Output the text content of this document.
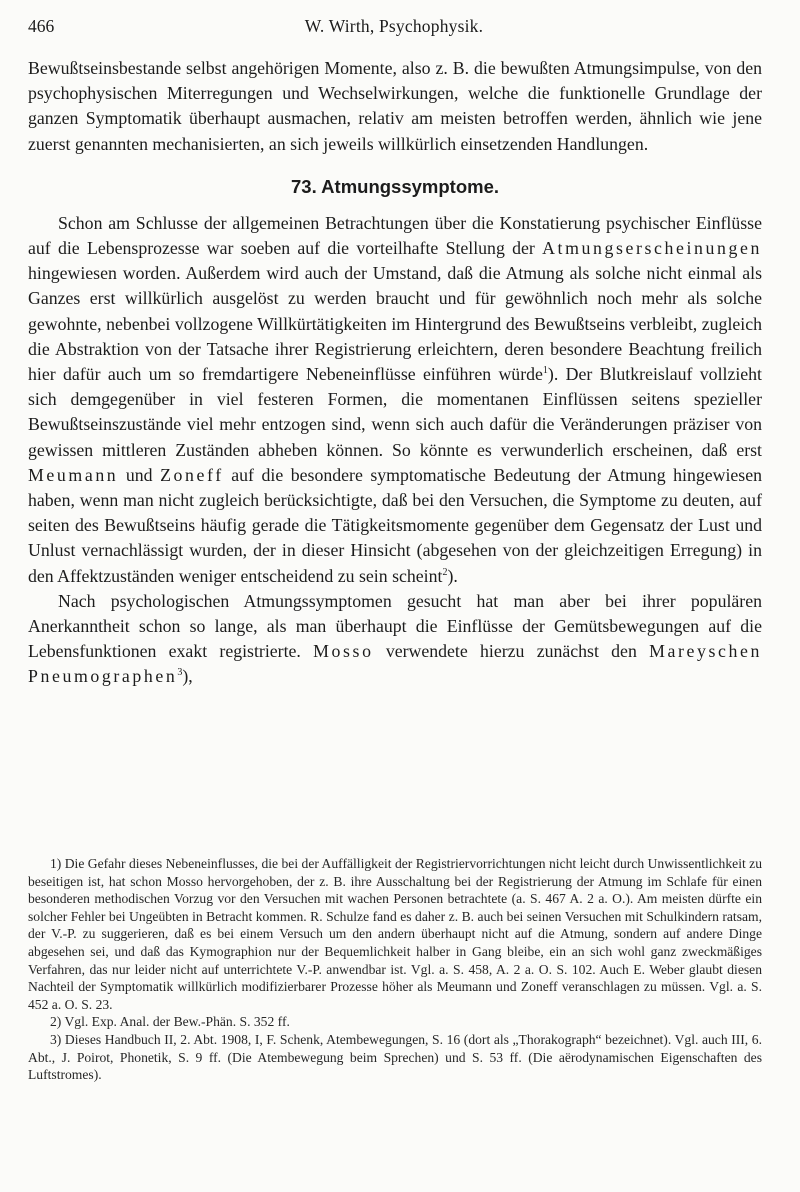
466	W. Wirth, Psychophysik.

Bewußtseinsbestande selbst angehörigen Momente, also z. B. die bewußten Atmungsimpulse, von den psychophysischen Miterregungen und Wechselwirkungen, welche die funktionelle Grundlage der ganzen Symptomatik überhaupt ausmachen, relativ am meisten betroffen werden, ähnlich wie jene zuerst genannten mechanisierten, an sich jeweils willkürlich einsetzenden Handlungen.

73. Atmungssymptome.

Schon am Schlusse der allgemeinen Betrachtungen über die Konstatierung psychischer Einflüsse auf die Lebensprozesse war soeben auf die vorteilhafte Stellung der Atmungserscheinungen hingewiesen worden. Außerdem wird auch der Umstand, daß die Atmung als solche nicht einmal als Ganzes erst willkürlich ausgelöst zu werden braucht und für gewöhnlich noch mehr als solche gewohnte, nebenbei vollzogene Willkürtätigkeiten im Hintergrund des Bewußtseins verbleibt, zugleich die Abstraktion von der Tatsache ihrer Registrierung erleichtern, deren besondere Beachtung freilich hier dafür auch um so fremdartigere Nebeneinflüsse einführen würde$^1$). Der Blutkreislauf vollzieht sich demgegenüber in viel festeren Formen, die momentanen Einflüssen seitens spezieller Bewußtseinszustände viel mehr entzogen sind, wenn sich auch dafür die Veränderungen präziser von gewissen mittleren Zuständen abheben können. So könnte es verwunderlich erscheinen, daß erst Meumann und Zoneff auf die besondere symptomatische Bedeutung der Atmung hingewiesen haben, wenn man nicht zugleich berücksichtigte, daß bei den Versuchen, die Symptome zu deuten, auf seiten des Bewußtseins häufig gerade die Tätigkeitsmomente gegenüber dem Gegensatz der Lust und Unlust vernachlässigt wurden, der in dieser Hinsicht (abgesehen von der gleichzeitigen Erregung) in den Affektzuständen weniger entscheidend zu sein scheint$^2$).

Nach psychologischen Atmungssymptomen gesucht hat man aber bei ihrer populären Anerkanntheit schon so lange, als man überhaupt die Einflüsse der Gemütsbewegungen auf die Lebensfunktionen exakt registrierte. Mosso verwendete hierzu zunächst den Mareyschen Pneumographen$^3$),

1) Die Gefahr dieses Nebeneinflusses, die bei der Auffälligkeit der Registriervorrichtungen nicht leicht durch Unwissentlichkeit zu beseitigen ist, hat schon Mosso hervorgehoben, der z. B. ihre Ausschaltung bei der Registrierung der Atmung im Schlafe für einen besonderen methodischen Vorzug vor den Versuchen mit wachen Personen betrachtete (a. S. 467 A. 2 a. O.). Am meisten dürfte ein solcher Fehler bei Ungeübten in Betracht kommen. R. Schulze fand es daher z. B. auch bei seinen Versuchen mit Schulkindern ratsam, der V.-P. zu suggerieren, daß es bei einem Versuch um den andern überhaupt nicht auf die Atmung, sondern auf andere Dinge abgesehen sei, und daß das Kymographion nur der Bequemlichkeit halber in Gang bleibe, ein an sich wohl ganz zweckmäßiges Verfahren, das nur leider nicht auf unterrichtete V.-P. anwendbar ist. Vgl. a. S. 458, A. 2 a. O. S. 102. Auch E. Weber glaubt diesen Nachteil der Symptomatik willkürlich modifizierbarer Prozesse höher als Meumann und Zoneff veranschlagen zu müssen. Vgl. a. S. 452 a. O. S. 23.

2) Vgl. Exp. Anal. der Bew.-Phän. S. 352 ff.

3) Dieses Handbuch II, 2. Abt. 1908, I, F. Schenk, Atembewegungen, S. 16 (dort als „Thorakograph“ bezeichnet). Vgl. auch III, 6. Abt., J. Poirot, Phonetik, S. 9 ff. (Die Atembewegung beim Sprechen) und S. 53 ff. (Die aërodynamischen Eigenschaften des Luftstromes).
